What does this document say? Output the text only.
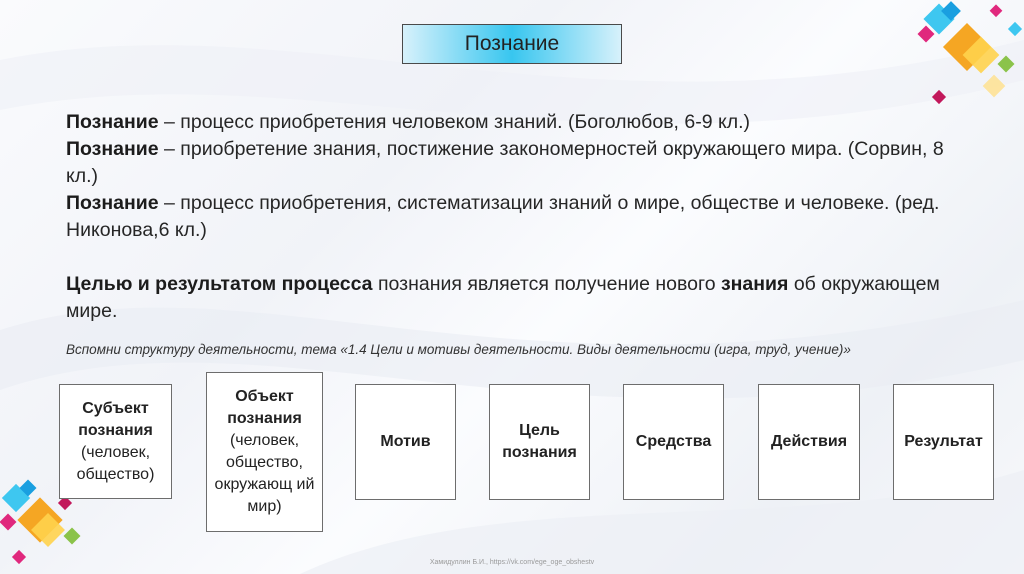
Познание

Познание – процесс приобретения человеком знаний. (Боголюбов, 6-9 кл.)

Познание – приобретение знания, постижение закономерностей окружающего мира. (Сорвин, 8 кл.)

Познание – процесс приобретения, систематизации знаний о мире, обществе и человеке. (ред. Никонова,6 кл.)

Целью и результатом процесса познания является получение нового знания об окружающем мире.

Вспомни структуру деятельности, тема «1.4 Цели и мотивы деятельности. Виды деятельности (игра, труд, учение)»
Субъект познания
(человек, общество)
Объект познания
(человек, общество, окружающ ий мир)
Мотив
Цель познания
Средства	Действия	Результат
Хамидуллин Б.И., https://vk.com/ege_oge_obshestv
